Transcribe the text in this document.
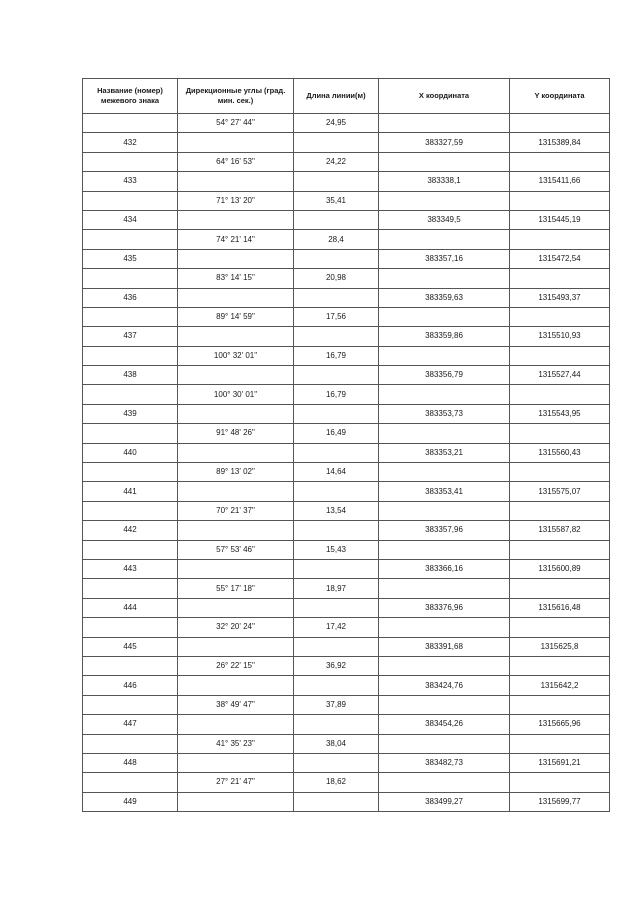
Название (номер) межевого знака	Дирекционные углы (град. мин. сек.)	Длина линии(м)	X координата	Y координата
	54° 27' 44"	24,95		
432			383327,59	1315389,84
	64° 16' 53"	24,22		
433			383338,1	1315411,66
	71° 13' 20"	35,41		
434			383349,5	1315445,19
	74° 21' 14"	28,4		
435			383357,16	1315472,54
	83° 14' 15"	20,98		
436			383359,63	1315493,37
	89° 14' 59"	17,56		
437			383359,86	1315510,93
	100° 32' 01"	16,79		
438			383356,79	1315527,44
	100° 30' 01"	16,79		
439			383353,73	1315543,95
	91° 48' 26"	16,49		
440			383353,21	1315560,43
	89° 13' 02"	14,64		
441			383353,41	1315575,07
	70° 21' 37"	13,54		
442			383357,96	1315587,82
	57° 53' 46"	15,43		
443			383366,16	1315600,89
	55° 17' 18"	18,97		
444			383376,96	1315616,48
	32° 20' 24"	17,42		
445			383391,68	1315625,8
	26° 22' 15"	36,92		
446			383424,76	1315642,2
	38° 49' 47"	37,89		
447			383454,26	1315665,96
	41° 35' 23"	38,04		
448			383482,73	1315691,21
	27° 21' 47"	18,62		
449			383499,27	1315699,77
